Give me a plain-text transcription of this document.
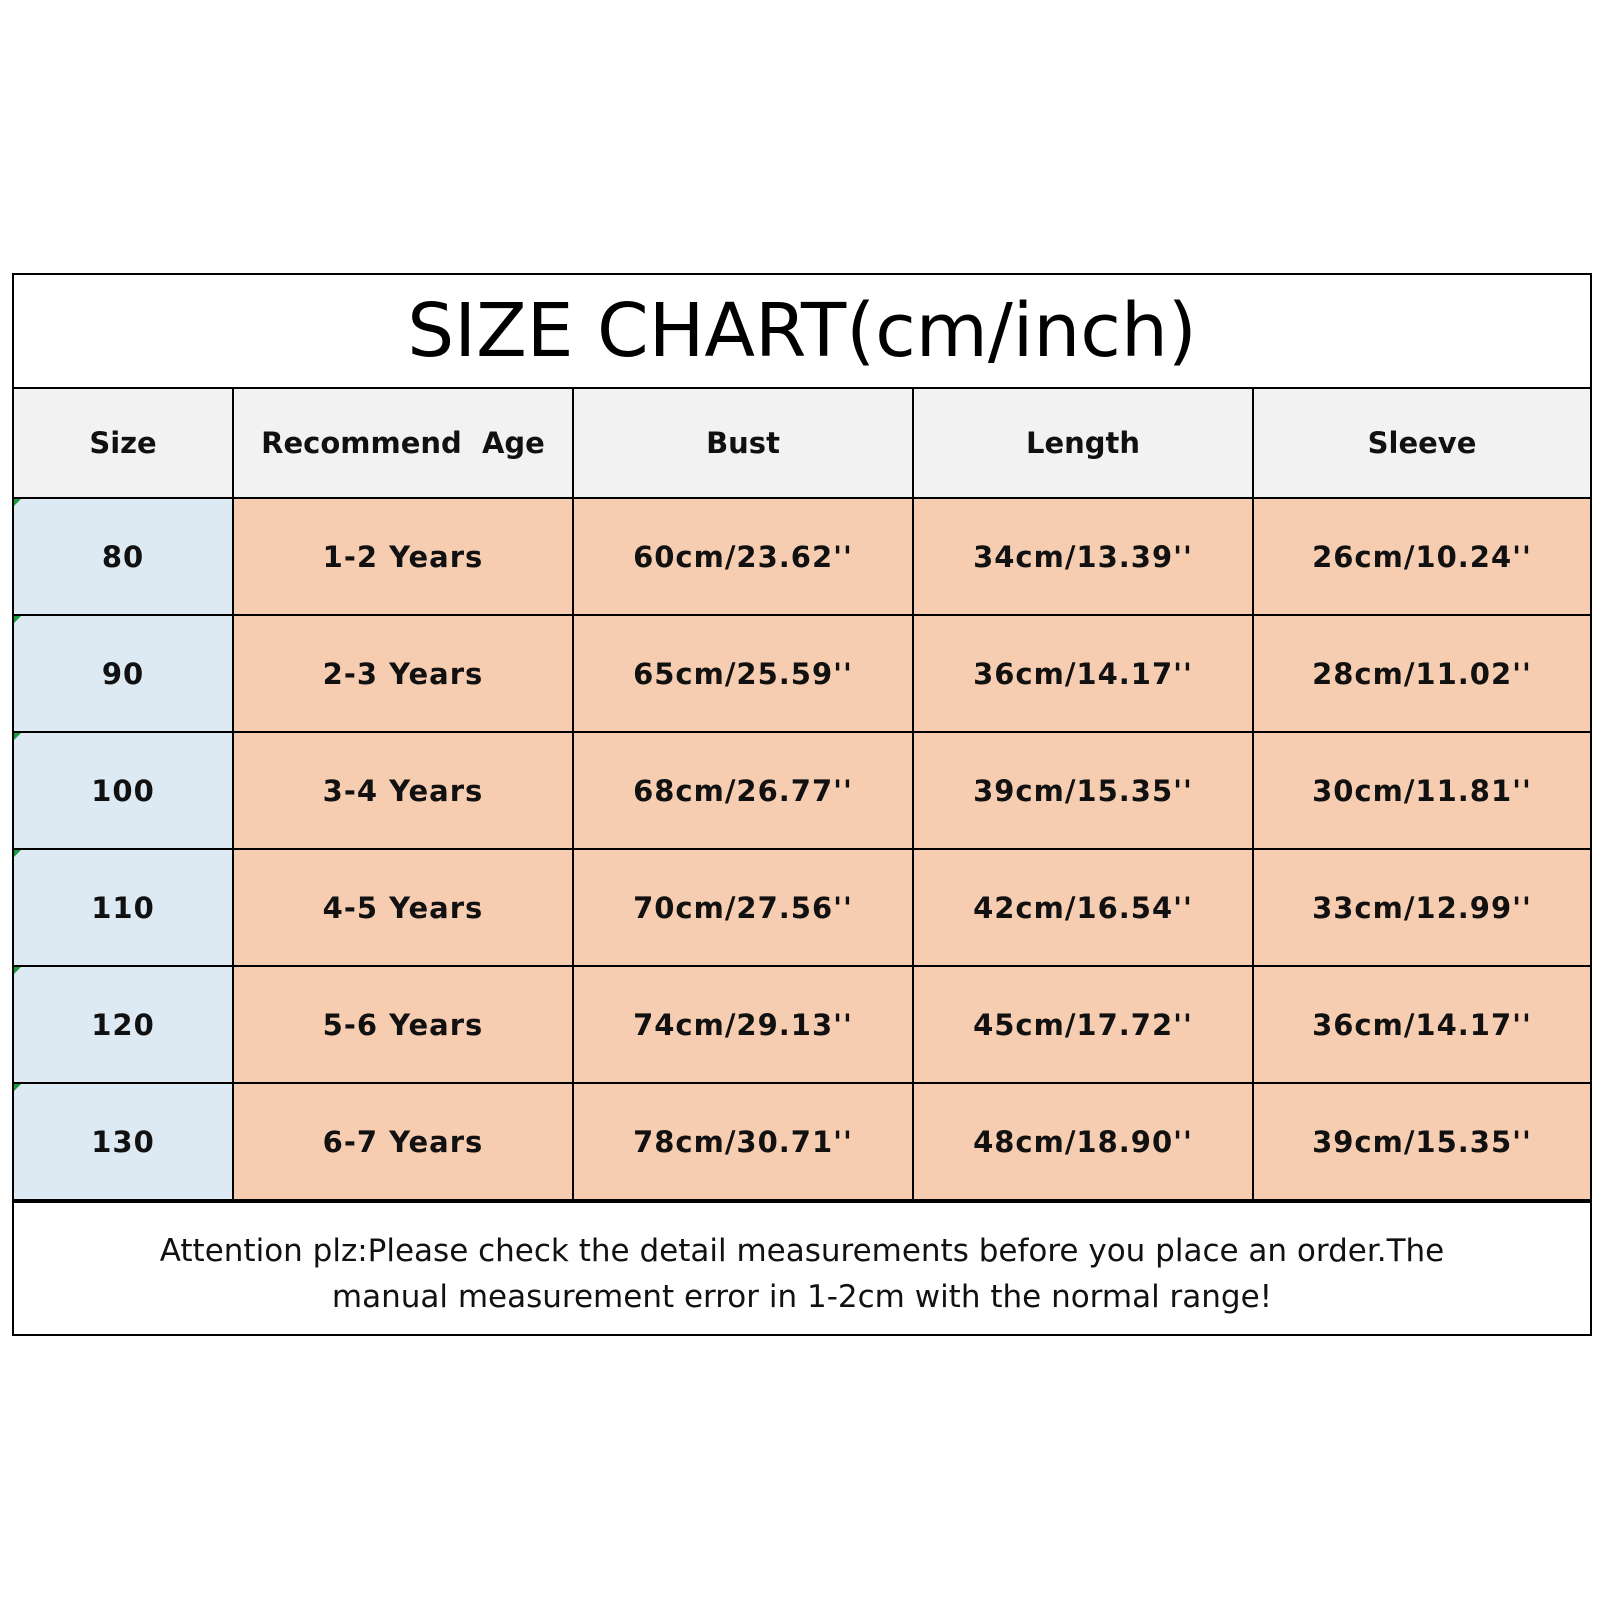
SIZE CHART(cm/inch)
Size	Recommend  Age	Bust	Length	Sleeve

80	1-2 Years	60cm/23.62''	34cm/13.39''	26cm/10.24''

90	2-3 Years	65cm/25.59''	36cm/14.17''	28cm/11.02''

100	3-4 Years	68cm/26.77''	39cm/15.35''	30cm/11.81''

110	4-5 Years	70cm/27.56''	42cm/16.54''	33cm/12.99''

120	5-6 Years	74cm/29.13''	45cm/17.72''	36cm/14.17''

130	6-7 Years	78cm/30.71''	48cm/18.90''	39cm/15.35''
Attention plz:Please check the detail measurements before you place an order.The manual measurement error in 1-2cm with the normal range!
